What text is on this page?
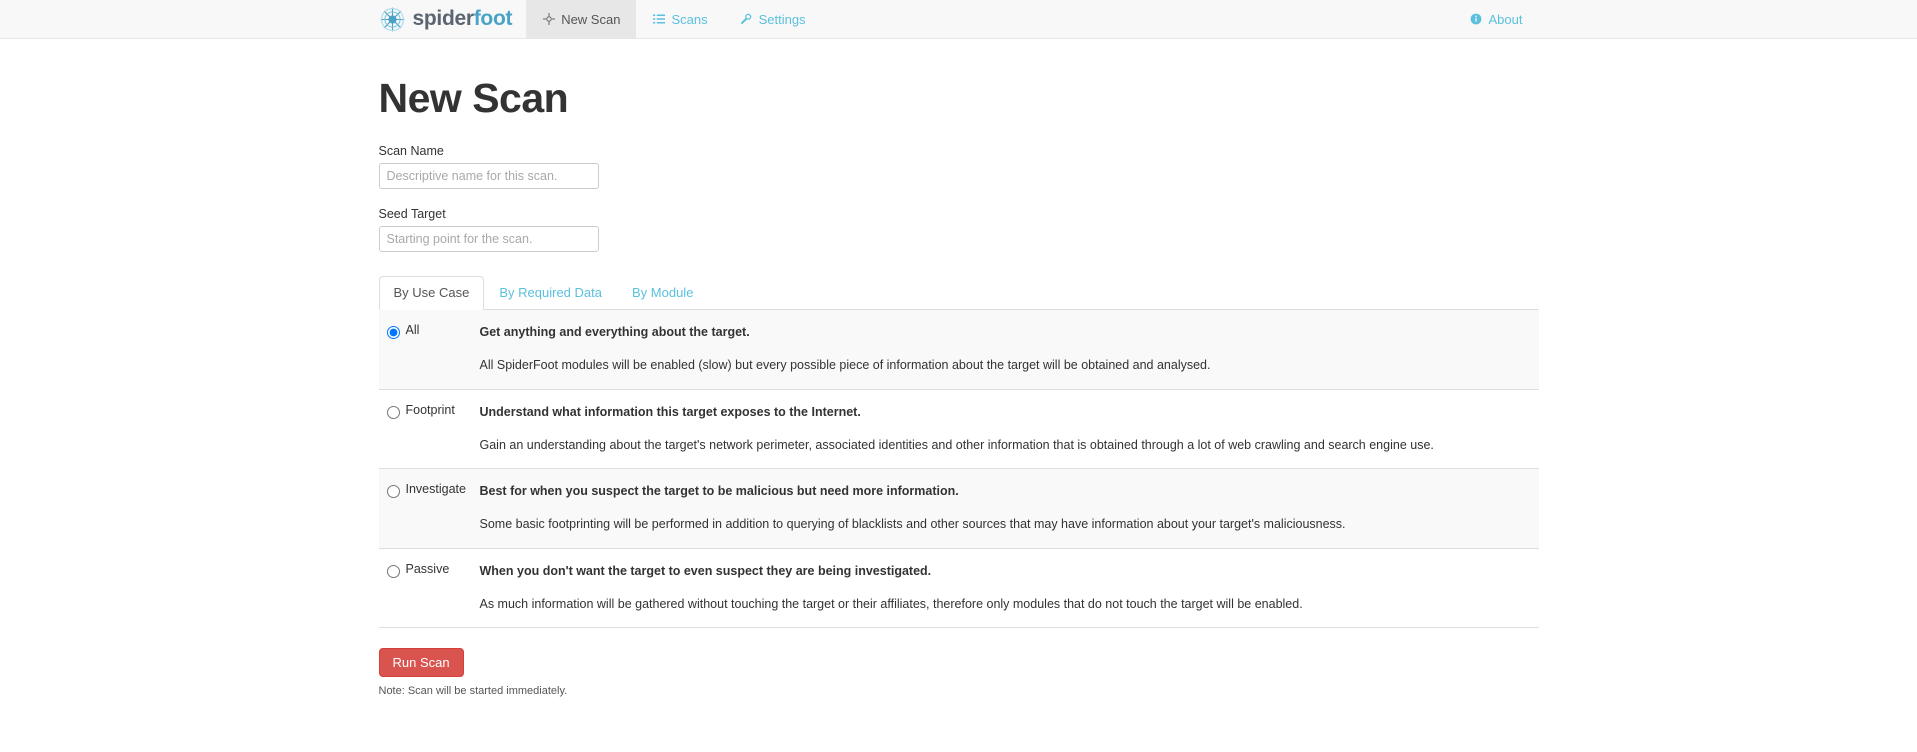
spiderfoot	New Scan	Scans	Settings	About
New Scan
Scan Name
Descriptive name for this scan.
Seed Target
Starting point for the scan.
By Use Case	By Required Data	By Module
	All	Get anything and everything about the target.
All SpiderFoot modules will be enabled (slow) but every possible piece of information about the target will be obtained and analysed.

	Footprint	Understand what information this target exposes to the Internet.
Gain an understanding about the target's network perimeter, associated identities and other information that is obtained through a lot of web crawling and search engine use.

	Investigate	Best for when you suspect the target to be malicious but need more information.
Some basic footprinting will be performed in addition to querying of blacklists and other sources that may have information about your target's maliciousness.

	Passive	When you don't want the target to even suspect they are being investigated.
As much information will be gathered without touching the target or their affiliates, therefore only modules that do not touch the target will be enabled.
Run Scan
Note: Scan will be started immediately.
